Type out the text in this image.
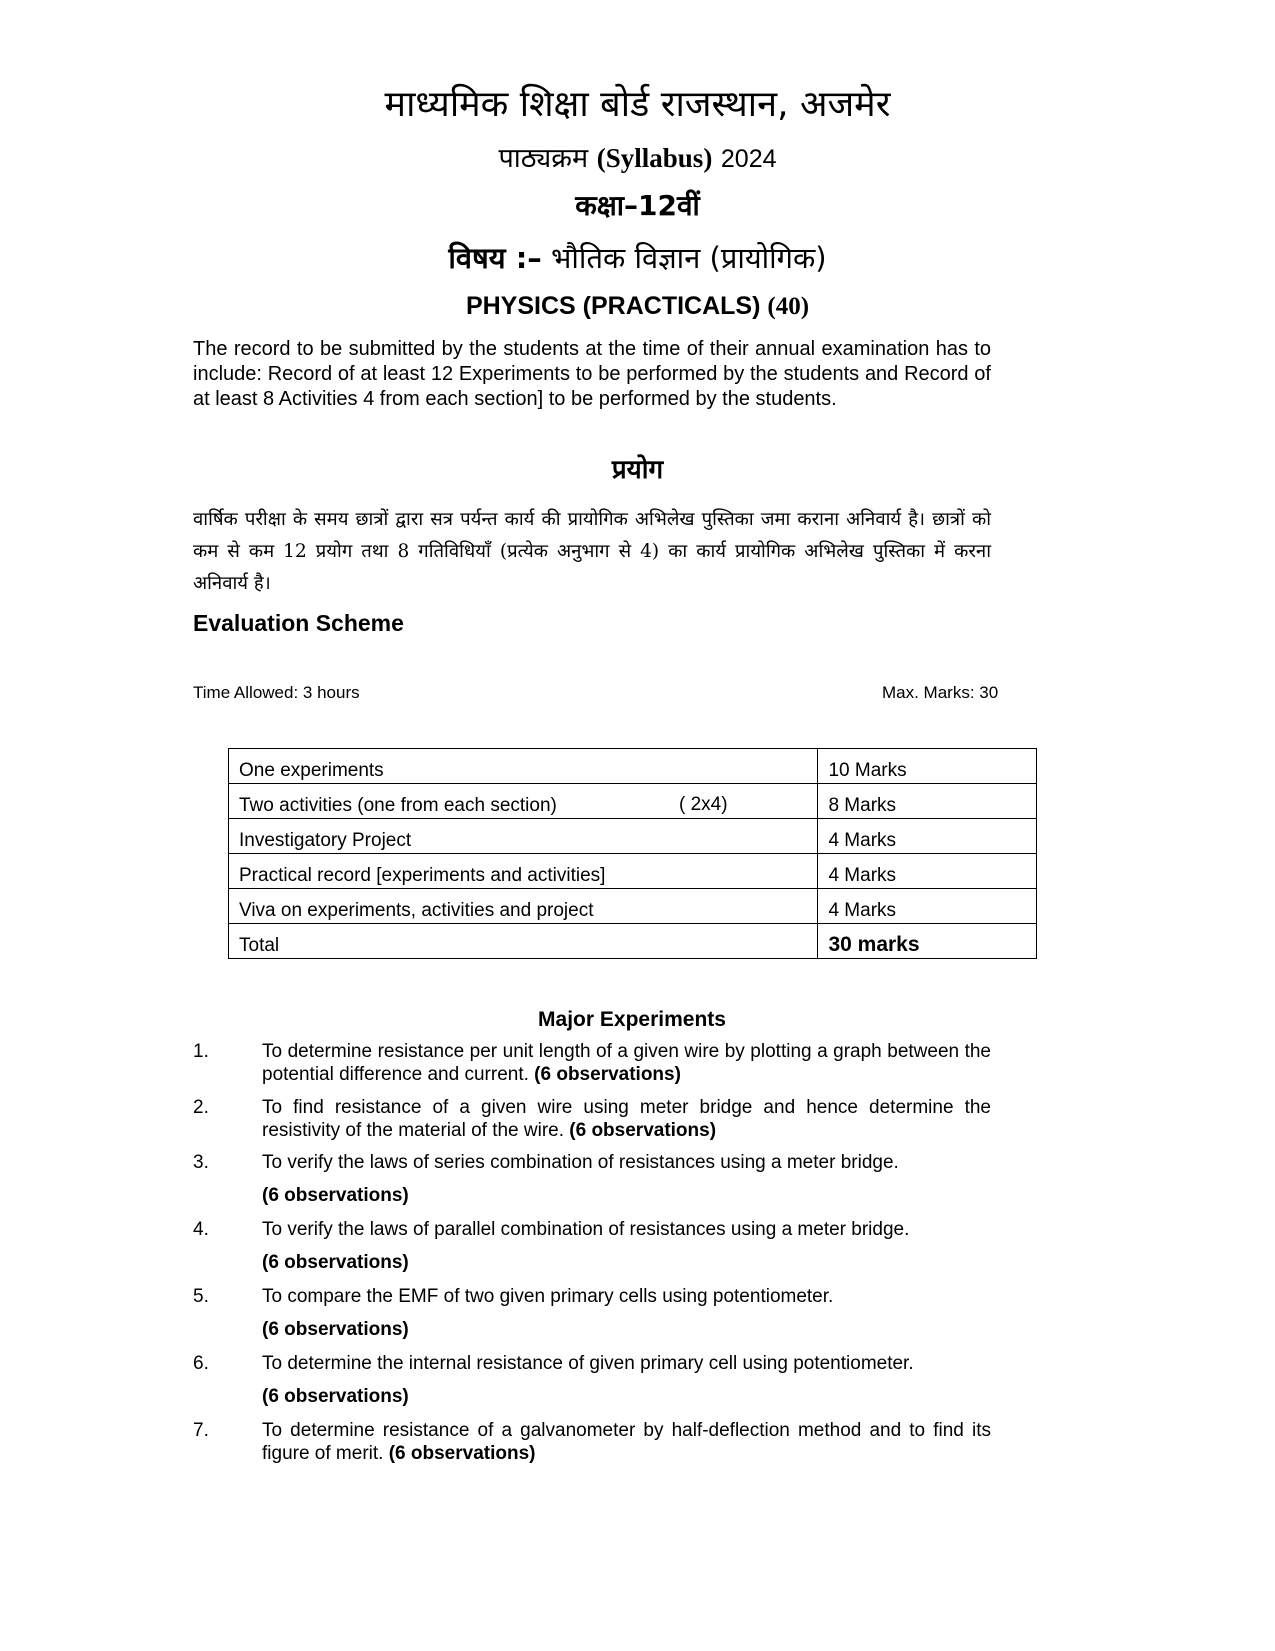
माध्यमिक शिक्षा बोर्ड राजस्थान, अजमेर
पाठ्यक्रम (Syllabus) 2024
कक्षा–12वीं
विषय :– भौतिक विज्ञान (प्रायोगिक)
PHYSICS (PRACTICALS) (40)
The record to be submitted by the students at the time of their annual examination has to include: Record of at least 12 Experiments to be performed by the students and Record of at least 8 Activities 4 from each section] to be performed by the students.
प्रयोग
वार्षिक परीक्षा के समय छात्रों द्वारा सत्र पर्यन्त कार्य की प्रायोगिक अभिलेख पुस्तिका जमा कराना अनिवार्य है। छात्रों को कम से कम 12 प्रयोग तथा 8 गतिविधियाँ (प्रत्येक अनुभाग से 4) का कार्य प्रायोगिक अभिलेख पुस्तिका में करना अनिवार्य है।
Evaluation Scheme
Time Allowed: 3 hours	Max. Marks: 30
One experiments	10 Marks
Two activities (one from each section) ( 2x4)	8 Marks
Investigatory Project	4 Marks
Practical record [experiments and activities]	4 Marks
Viva on experiments, activities and project	4 Marks
Total	30 marks
Major Experiments
1.	To determine resistance per unit length of a given wire by plotting a graph between the potential difference and current. (6 observations)
2.	To find resistance of a given wire using meter bridge and hence determine the resistivity of the material of the wire. (6 observations)
3.	To verify the laws of series combination of resistances using a meter bridge.
(6 observations)
4.	To verify the laws of parallel combination of resistances using a meter bridge.
(6 observations)
5.	To compare the EMF of two given primary cells using potentiometer.
(6 observations)
6.	To determine the internal resistance of given primary cell using potentiometer.
(6 observations)
7.	To determine resistance of a galvanometer by half-deflection method and to find its figure of merit. (6 observations)
